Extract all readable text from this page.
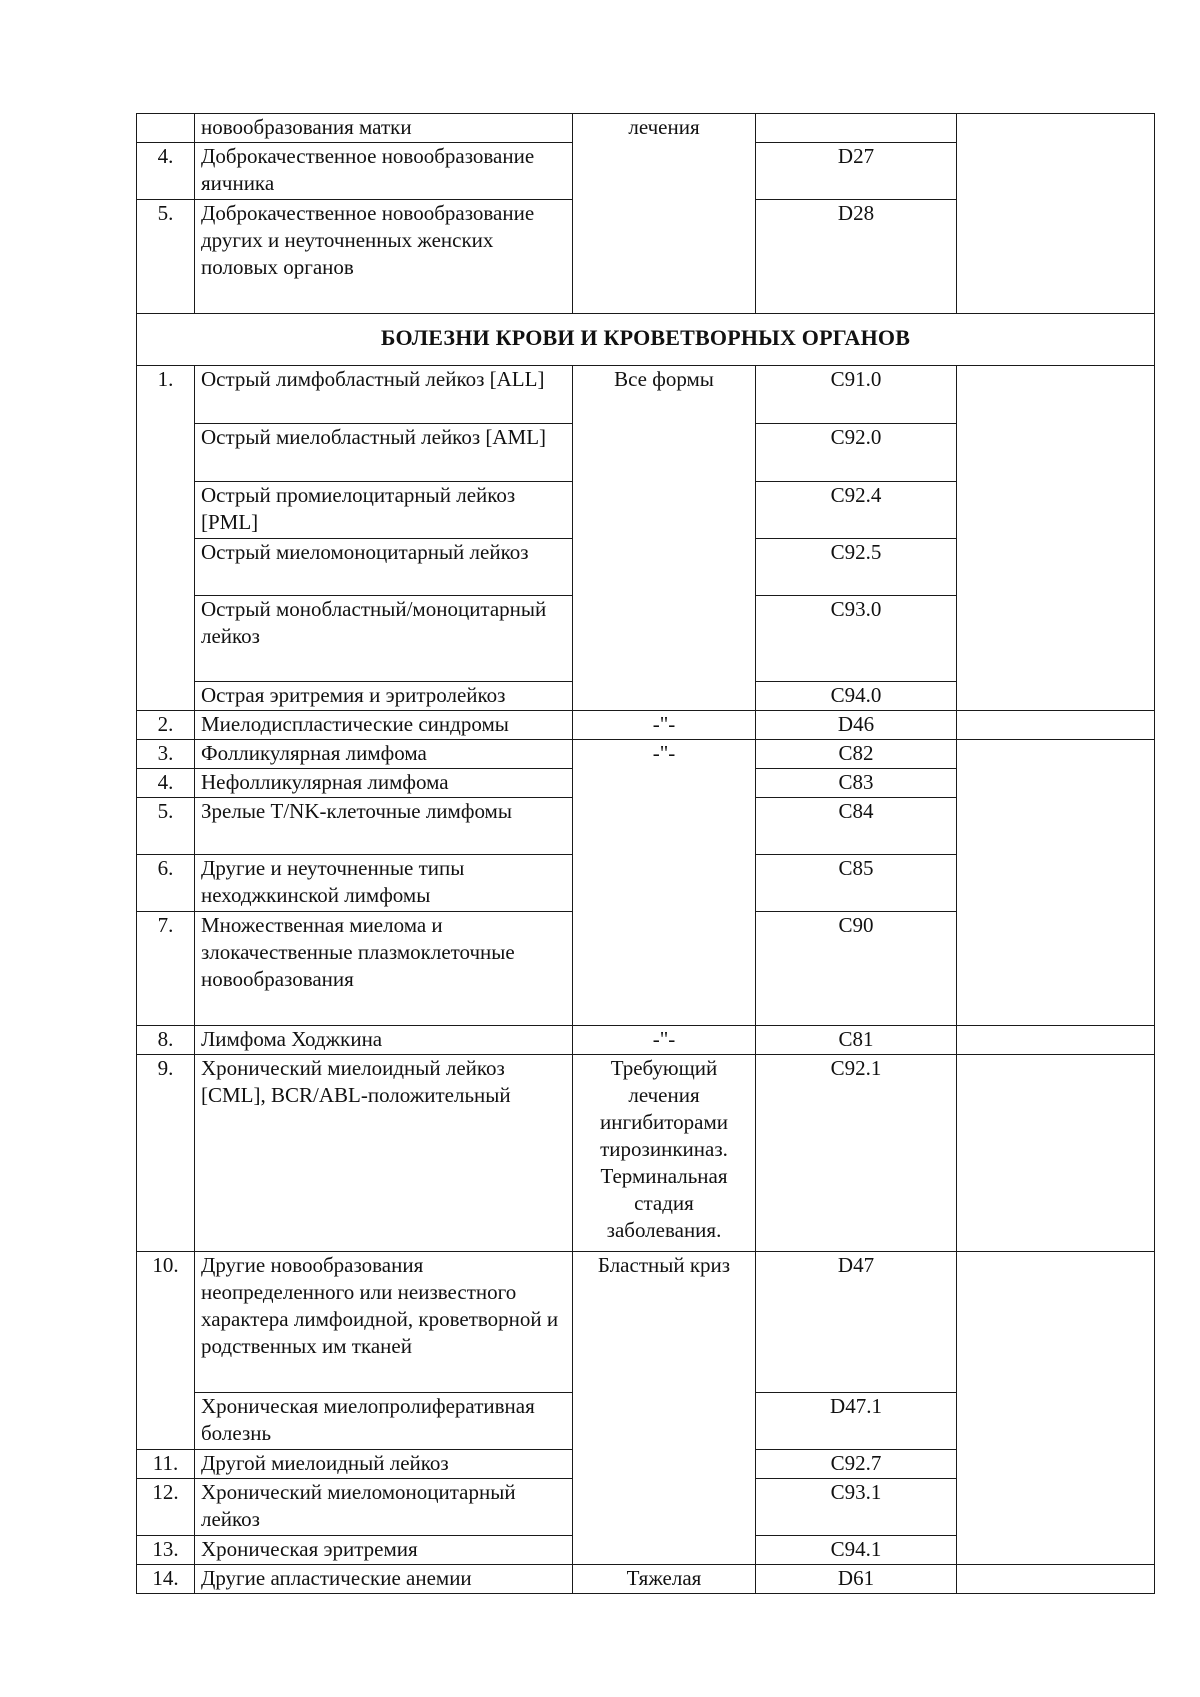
	новообразования матки	лечения		
4.	Доброкачественное новообразование яичника		D27	
5.	Доброкачественное новообразование других и неуточненных женских половых органов		D28	
БОЛЕЗНИ КРОВИ И КРОВЕТВОРНЫХ ОРГАНОВ				
1.	Острый лимфобластный лейкоз [ALL]	Все формы	C91.0	
	Острый миелобластный лейкоз [AML]		C92.0	
	Острый промиелоцитарный лейкоз [PML]		C92.4	
	Острый миеломоноцитарный лейкоз		C92.5	
	Острый монобластный/моноцитарный лейкоз		C93.0	
	Острая эритремия и эритролейкоз		C94.0	
2.	Миелодиспластические синдромы	-"-	D46	
3.	Фолликулярная лимфома	-"-	C82	
4.	Нефолликулярная лимфома		C83	
5.	Зрелые T/NK-клеточные лимфомы		C84	
6.	Другие и неуточненные типы неходжкинской лимфомы		C85	
7.	Множественная миелома и злокачественные плазмоклеточные новообразования		C90	
8.	Лимфома Ходжкина	-"-	C81	
9.	Хронический миелоидный лейкоз [CML], BCR/ABL-положительный	Требующий лечения ингибиторами тирозинкиназ. Терминальная стадия заболевания.	C92.1	
10.	Другие новообразования неопределенного или неизвестного характера лимфоидной, кроветворной и родственных им тканей	Бластный криз	D47	
	Хроническая миелопролиферативная болезнь		D47.1	
11.	Другой миелоидный лейкоз		C92.7	
12.	Хронический миеломоноцитарный лейкоз		C93.1	
13.	Хроническая эритремия		C94.1	
14.	Другие апластические анемии	Тяжелая	D61	
